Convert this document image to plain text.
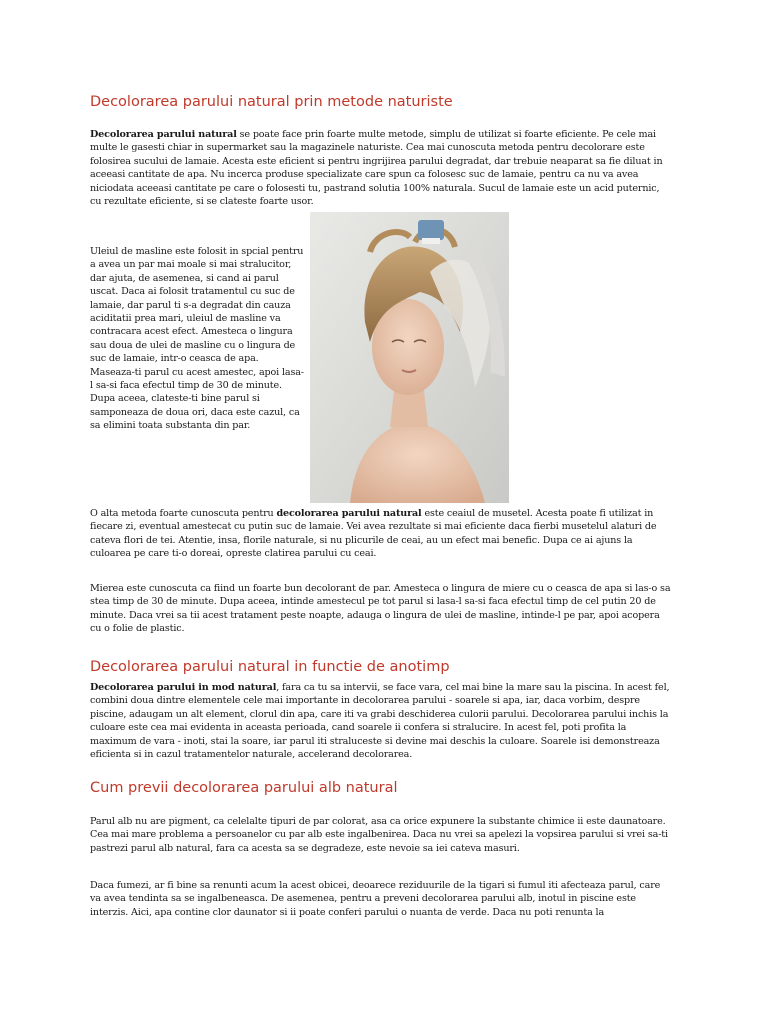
Decolorarea parului natural prin metode naturiste

Decolorarea parului natural se poate face prin foarte multe metode, simplu de utilizat si foarte eficiente. Pe cele mai multe le gasesti chiar in supermarket sau la magazinele naturiste. Cea mai cunoscuta metoda pentru decolorare este folosirea sucului de lamaie. Acesta este eficient si pentru ingrijirea parului degradat, dar trebuie neaparat sa fie diluat in aceeasi cantitate de apa. Nu incerca produse specializate care spun ca folosesc suc de lamaie, pentru ca nu va avea niciodata aceeasi cantitate pe care o folosesti tu, pastrand solutia 100% naturala. Sucul de lamaie este un acid puternic, cu rezultate eficiente, si se clateste foarte usor.

Uleiul de masline este folosit in spcial pentru a avea un par mai moale si mai stralucitor, dar ajuta, de asemenea, si cand ai parul uscat. Daca ai folosit tratamentul cu suc de lamaie, dar parul ti s-a degradat din cauza aciditatii prea mari, uleiul de masline va contracara acest efect. Amesteca o lingura sau doua de ulei de masline cu o lingura de suc de lamaie, intr-o ceasca de apa. Maseaza-ti parul cu acest amestec, apoi lasa-l sa-si faca efectul timp de 30 de minute. Dupa aceea, clateste-ti bine parul si samponeaza de doua ori, daca este cazul, ca sa elimini toata substanta din par.

O alta metoda foarte cunoscuta pentru decolorarea parului natural este ceaiul de musetel. Acesta poate fi utilizat in fiecare zi, eventual amestecat cu putin suc de lamaie. Vei avea rezultate si mai eficiente daca fierbi musetelul alaturi de cateva flori de tei. Atentie, insa, florile naturale, si nu plicurile de ceai, au un efect mai benefic. Dupa ce ai ajuns la culoarea pe care ti-o doreai, opreste clatirea parului cu ceai.

Mierea este cunoscuta ca fiind un foarte bun decolorant de par. Amesteca o lingura de miere cu o ceasca de apa si las-o sa stea timp de 30 de minute. Dupa aceea, intinde amestecul pe tot parul si lasa-l sa-si faca efectul timp de cel putin 20 de minute. Daca vrei sa tii acest tratament peste noapte, adauga o lingura de ulei de masline, intinde-l pe par, apoi acopera cu o folie de plastic.

Decolorarea parului natural in functie de anotimp

Decolorarea parului in mod natural, fara ca tu sa intervii, se face vara, cel mai bine la mare sau la piscina. In acest fel, combini doua dintre elementele cele mai importante in decolorarea parului - soarele si apa, iar, daca vorbim, despre piscine, adaugam un alt element, clorul din apa, care iti va grabi deschiderea culorii parului. Decolorarea parului inchis la culoare este cea mai evidenta in aceasta perioada, cand soarele ii confera si stralucire. In acest fel, poti profita la maximum de vara - inoti, stai la soare, iar parul iti straluceste si devine mai deschis la culoare. Soarele isi demonstreaza eficienta si in cazul tratamentelor naturale, accelerand decolorarea.

Cum previi decolorarea parului alb natural

Parul alb nu are pigment, ca celelalte tipuri de par colorat, asa ca orice expunere la substante chimice ii este daunatoare. Cea mai mare problema a persoanelor cu par alb este ingalbenirea. Daca nu vrei sa apelezi la vopsirea parului si vrei sa-ti pastrezi parul alb natural, fara ca acesta sa se degradeze, este nevoie sa iei cateva masuri.

Daca fumezi, ar fi bine sa renunti acum la acest obicei, deoarece reziduurile de la tigari si fumul iti afecteaza parul, care va avea tendinta sa se ingalbeneasca. De asemenea, pentru a preveni decolorarea parului alb, inotul in piscine este interzis. Aici, apa contine clor daunator si ii poate conferi parului o nuanta de verde. Daca nu poti renunta la
